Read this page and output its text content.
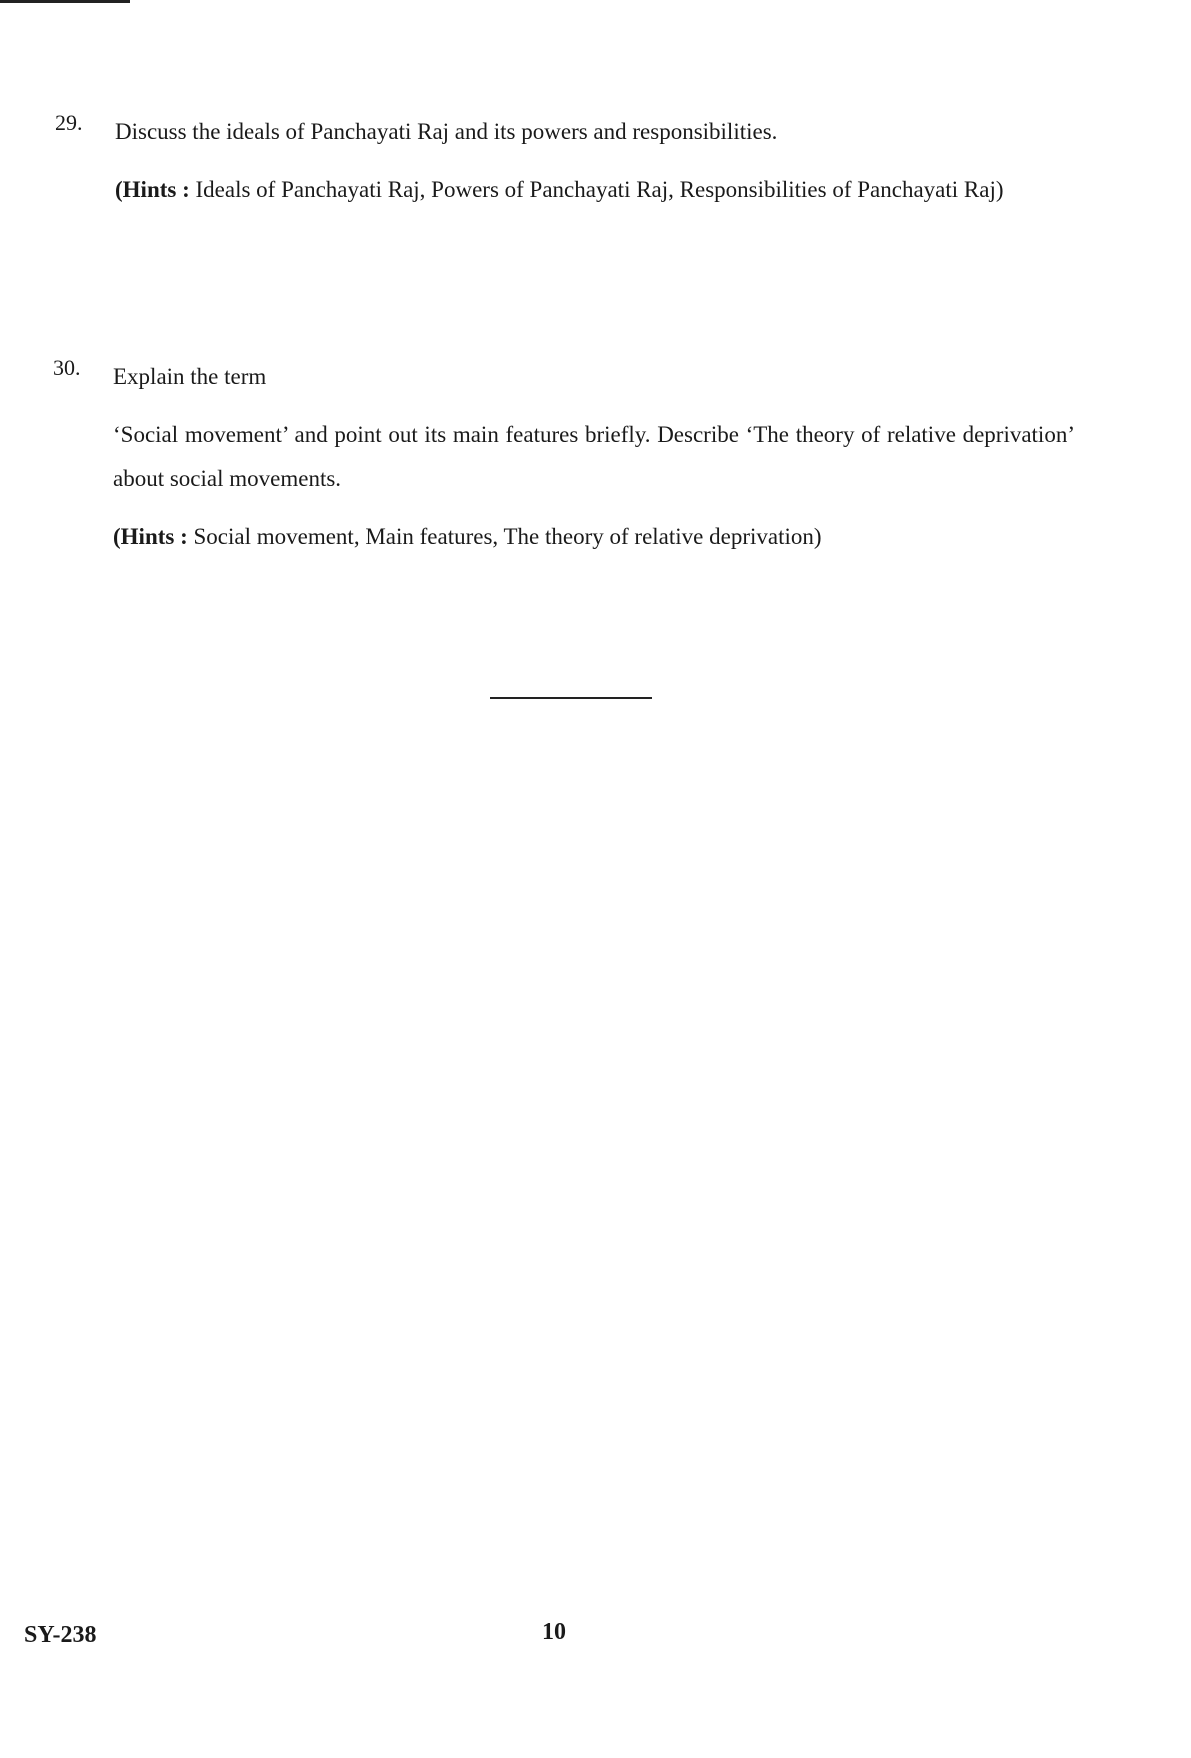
29. Discuss the ideals of Panchayati Raj and its powers and responsibilities.

(Hints : Ideals of Panchayati Raj, Powers of Panchayati Raj, Responsibilities of Panchayati Raj)

30. Explain the term

‘Social movement’ and point out its main features briefly. Describe ‘The theory of relative deprivation’ about social movements.

(Hints : Social movement, Main features, The theory of relative deprivation)

SY-238	10
